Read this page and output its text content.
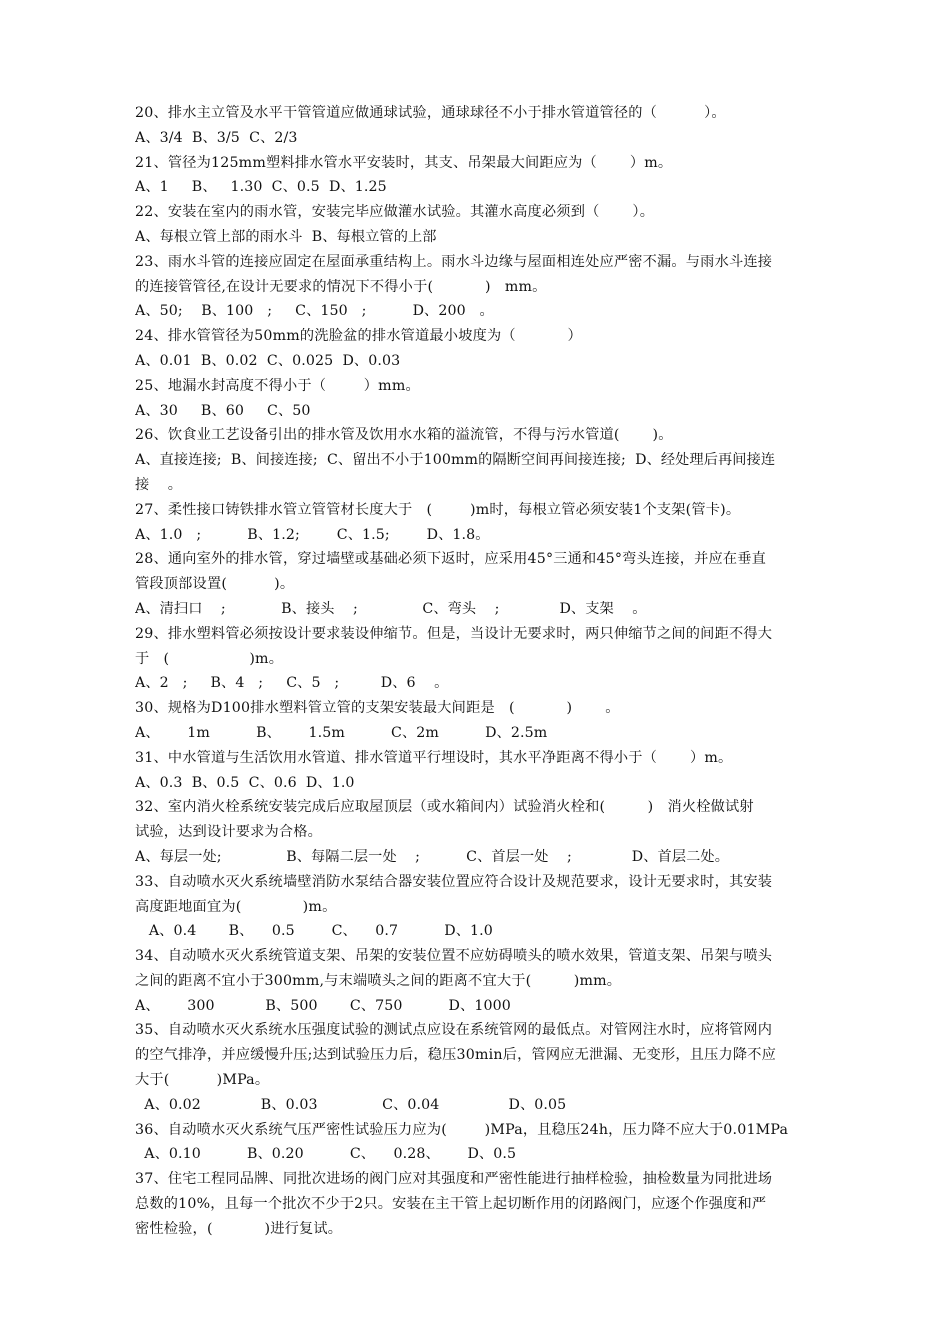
20、排水主立管及水平干管管道应做通球试验，通球球径不小于排水管道管径的（          ）。
A、3/4  B、3/5  C、2/3
21、管径为125mm塑料排水管水平安装时，其支、吊架最大间距应为（       ）m。
A、1     B、   1.30  C、0.5  D、1.25
22、安装在室内的雨水管，安装完毕应做灌水试验。其灌水高度必须到（       ）。
A、每根立管上部的雨水斗  B、每根立管的上部
23、雨水斗管的连接应固定在屋面承重结构上。雨水斗边缘与屋面相连处应严密不漏。与雨水斗连接
的连接管管径,在设计无要求的情况下不得小于(           )   mm。
A、50;    B、100   ;     C、150   ;          D、200   。
24、排水管管径为50mm的洗脸盆的排水管道最小坡度为（           ）
A、0.01  B、0.02  C、0.025  D、0.03
25、地漏水封高度不得小于（        ）mm。
A、30     B、60     C、50
26、饮食业工艺设备引出的排水管及饮用水水箱的溢流管，不得与污水管道(       )。
A、直接连接;  B、间接连接;  C、留出不小于100mm的隔断空间再间接连接;  D、经处理后再间接连
接    。
27、柔性接口铸铁排水管立管管材长度大于   (        )m时，每根立管必须安装1个支架(管卡)。
A、1.0   ;          B、1.2;        C、1.5;        D、1.8。
28、通向室外的排水管，穿过墙壁或基础必须下返时，应采用45°三通和45°弯头连接，并应在垂直
管段顶部设置(          )。
A、清扫口    ;            B、接头    ;              C、弯头    ;             D、支架    。
29、排水塑料管必须按设计要求装设伸缩节。但是，当设计无要求时，两只伸缩节之间的间距不得大
于   (                 )m。
A、2   ;     B、4   ;     C、5   ;         D、6    。
30、规格为D100排水塑料管立管的支架安装最大间距是   (           )       。
A、      1m          B、      1.5m          C、2m          D、2.5m
31、中水管道与生活饮用水管道、排水管道平行埋设时，其水平净距离不得小于（       ）m。
A、0.3  B、0.5  C、0.6  D、1.0
32、室内消火栓系统安装完成后应取屋顶层（或水箱间内）试验消火栓和(         )   消火栓做试射
试验，达到设计要求为合格。
A、每层一处;              B、每隔二层一处    ;          C、首层一处    ;             D、首层二处。
33、自动喷水灭火系统墙壁消防水泵结合器安装位置应符合设计及规范要求，设计无要求时，其安装
高度距地面宜为(             )m。
A、0.4       B、    0.5        C、    0.7          D、1.0
34、自动喷水灭火系统管道支架、吊架的安装位置不应妨碍喷头的喷水效果，管道支架、吊架与喷头
之间的距离不宜小于300mm,与末端喷头之间的距离不宜大于(         )mm。
A、      300           B、500       C、750          D、1000
35、自动喷水灭火系统水压强度试验的测试点应设在系统管网的最低点。对管网注水时，应将管网内
的空气排净，并应缓慢升压;达到试验压力后，稳压30min后，管网应无泄漏、无变形，且压力降不应
大于(          )MPa。
A、0.02             B、0.03              C、0.04               D、0.05
36、自动喷水灭火系统气压严密性试验压力应为(        )MPa，且稳压24h，压力降不应大于0.01MPa
A、0.10          B、0.20          C、    0.28、      D、0.5
37、住宅工程同品牌、同批次进场的阀门应对其强度和严密性能进行抽样检验，抽检数量为同批进场
总数的10%，且每一个批次不少于2只。安装在主干管上起切断作用的闭路阀门，应逐个作强度和严
密性检验，(           )进行复试。
